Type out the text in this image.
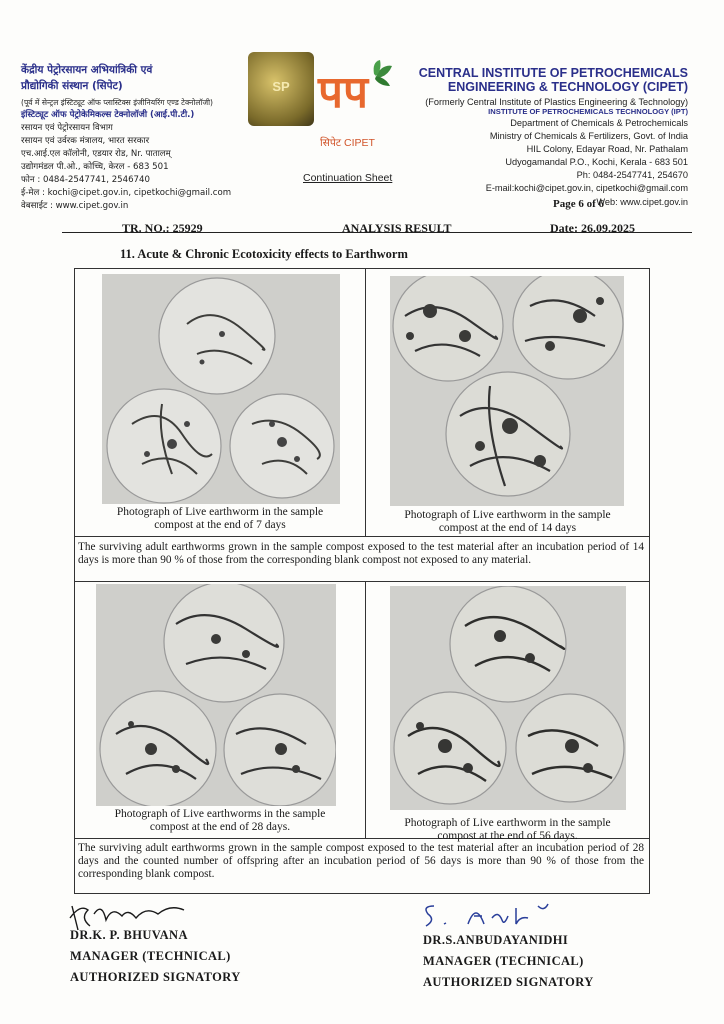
केंद्रीय पेट्रोरसायन अभियांत्रिकी एवं
प्रौद्योगिकी संस्थान (सिपेट)
(पूर्व में सेन्ट्रल इंस्टिट्यूट ऑफ प्लास्टिक्स इंजीनियरिंग एण्ड टेक्नोलॉजी)
इंस्टिट्यूट ऑफ पेट्रोकेमिकल्स टेक्नोलॉजी (आई.पी.टी.)
रसायन एवं पेट्रोरसायन विभाग
रसायन एवं उर्वरक मंत्रालय, भारत सरकार
एच.आई.एल कॉलोनी, एडयार रोड, Nr. पातालम्
उद्योगमंडल पी.ओ., कोच्चि, केरल - 683 501
फोन : 0484-2547741, 2546740
ई-मेल : kochi@cipet.gov.in, cipetkochi@gmail.com
वेबसाईट : www.cipet.gov.in
SP पप
सिपेट CIPET
Continuation Sheet
CENTRAL INSTITUTE OF PETROCHEMICALS
ENGINEERING & TECHNOLOGY (CIPET)
(Formerly Central Institute of Plastics Engineering & Technology)
INSTITUTE OF PETROCHEMICALS TECHNOLOGY (IPT)
Department of Chemicals & Petrochemicals
Ministry of Chemicals & Fertilizers, Govt. of India
HIL Colony, Edayar Road, Nr. Pathalam
Udyogamandal P.O., Kochi, Kerala - 683 501
Ph: 0484-2547741, 254670
E-mail:kochi@cipet.gov.in, cipetkochi@gmail.com
Web: www.cipet.gov.in
Page 6 of 6
TR. NO.: 25929	ANALYSIS RESULT	Date: 26.09.2025
11. Acute & Chronic Ecotoxicity effects to Earthworm
Photograph of Live earthworm in the sample
compost at the end of 7 days
Photograph of Live earthworm in the sample
compost at the end of 14 days
Photograph of Live earthworms in the sample
compost at the end of 28 days.	Photograph of Live earthworm in the sample
compost at the end of 56 days.
The surviving adult earthworms grown in the sample compost exposed to the test material after an incubation period of 14 days is more than 90 % of those from the corresponding blank compost not exposed to any material.
The surviving adult earthworms grown in the sample compost exposed to the test material after an incubation period of 28 days and the counted number of offspring after an incubation period of 56 days is more than 90 % of those from the corresponding blank compost.
DR.K. P. BHUVANA
MANAGER (TECHNICAL)
AUTHORIZED SIGNATORY
DR.S.ANBUDAYANIDHI
MANAGER (TECHNICAL)
AUTHORIZED SIGNATORY
